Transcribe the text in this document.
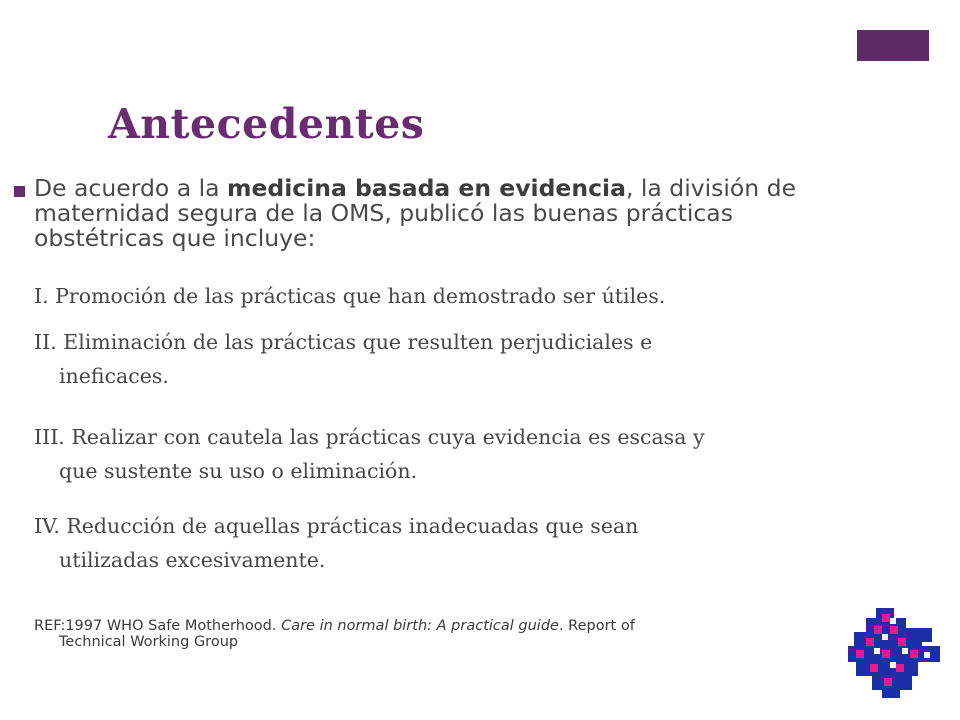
Antecedentes

De acuerdo a la medicina basada en evidencia, la división de maternidad segura de la OMS, publicó las buenas prácticas obstétricas que incluye:

I. Promoción de las prácticas que han demostrado ser útiles.
II. Eliminación de las prácticas que resulten perjudiciales e
ineficaces.
III. Realizar con cautela las prácticas cuya evidencia es escasa y
que sustente su uso o eliminación.
IV. Reducción de aquellas prácticas inadecuadas que sean
utilizadas excesivamente.
REF:1997 WHO Safe Motherhood. Care in normal birth: A practical guide. Report of
Technical Working Group
